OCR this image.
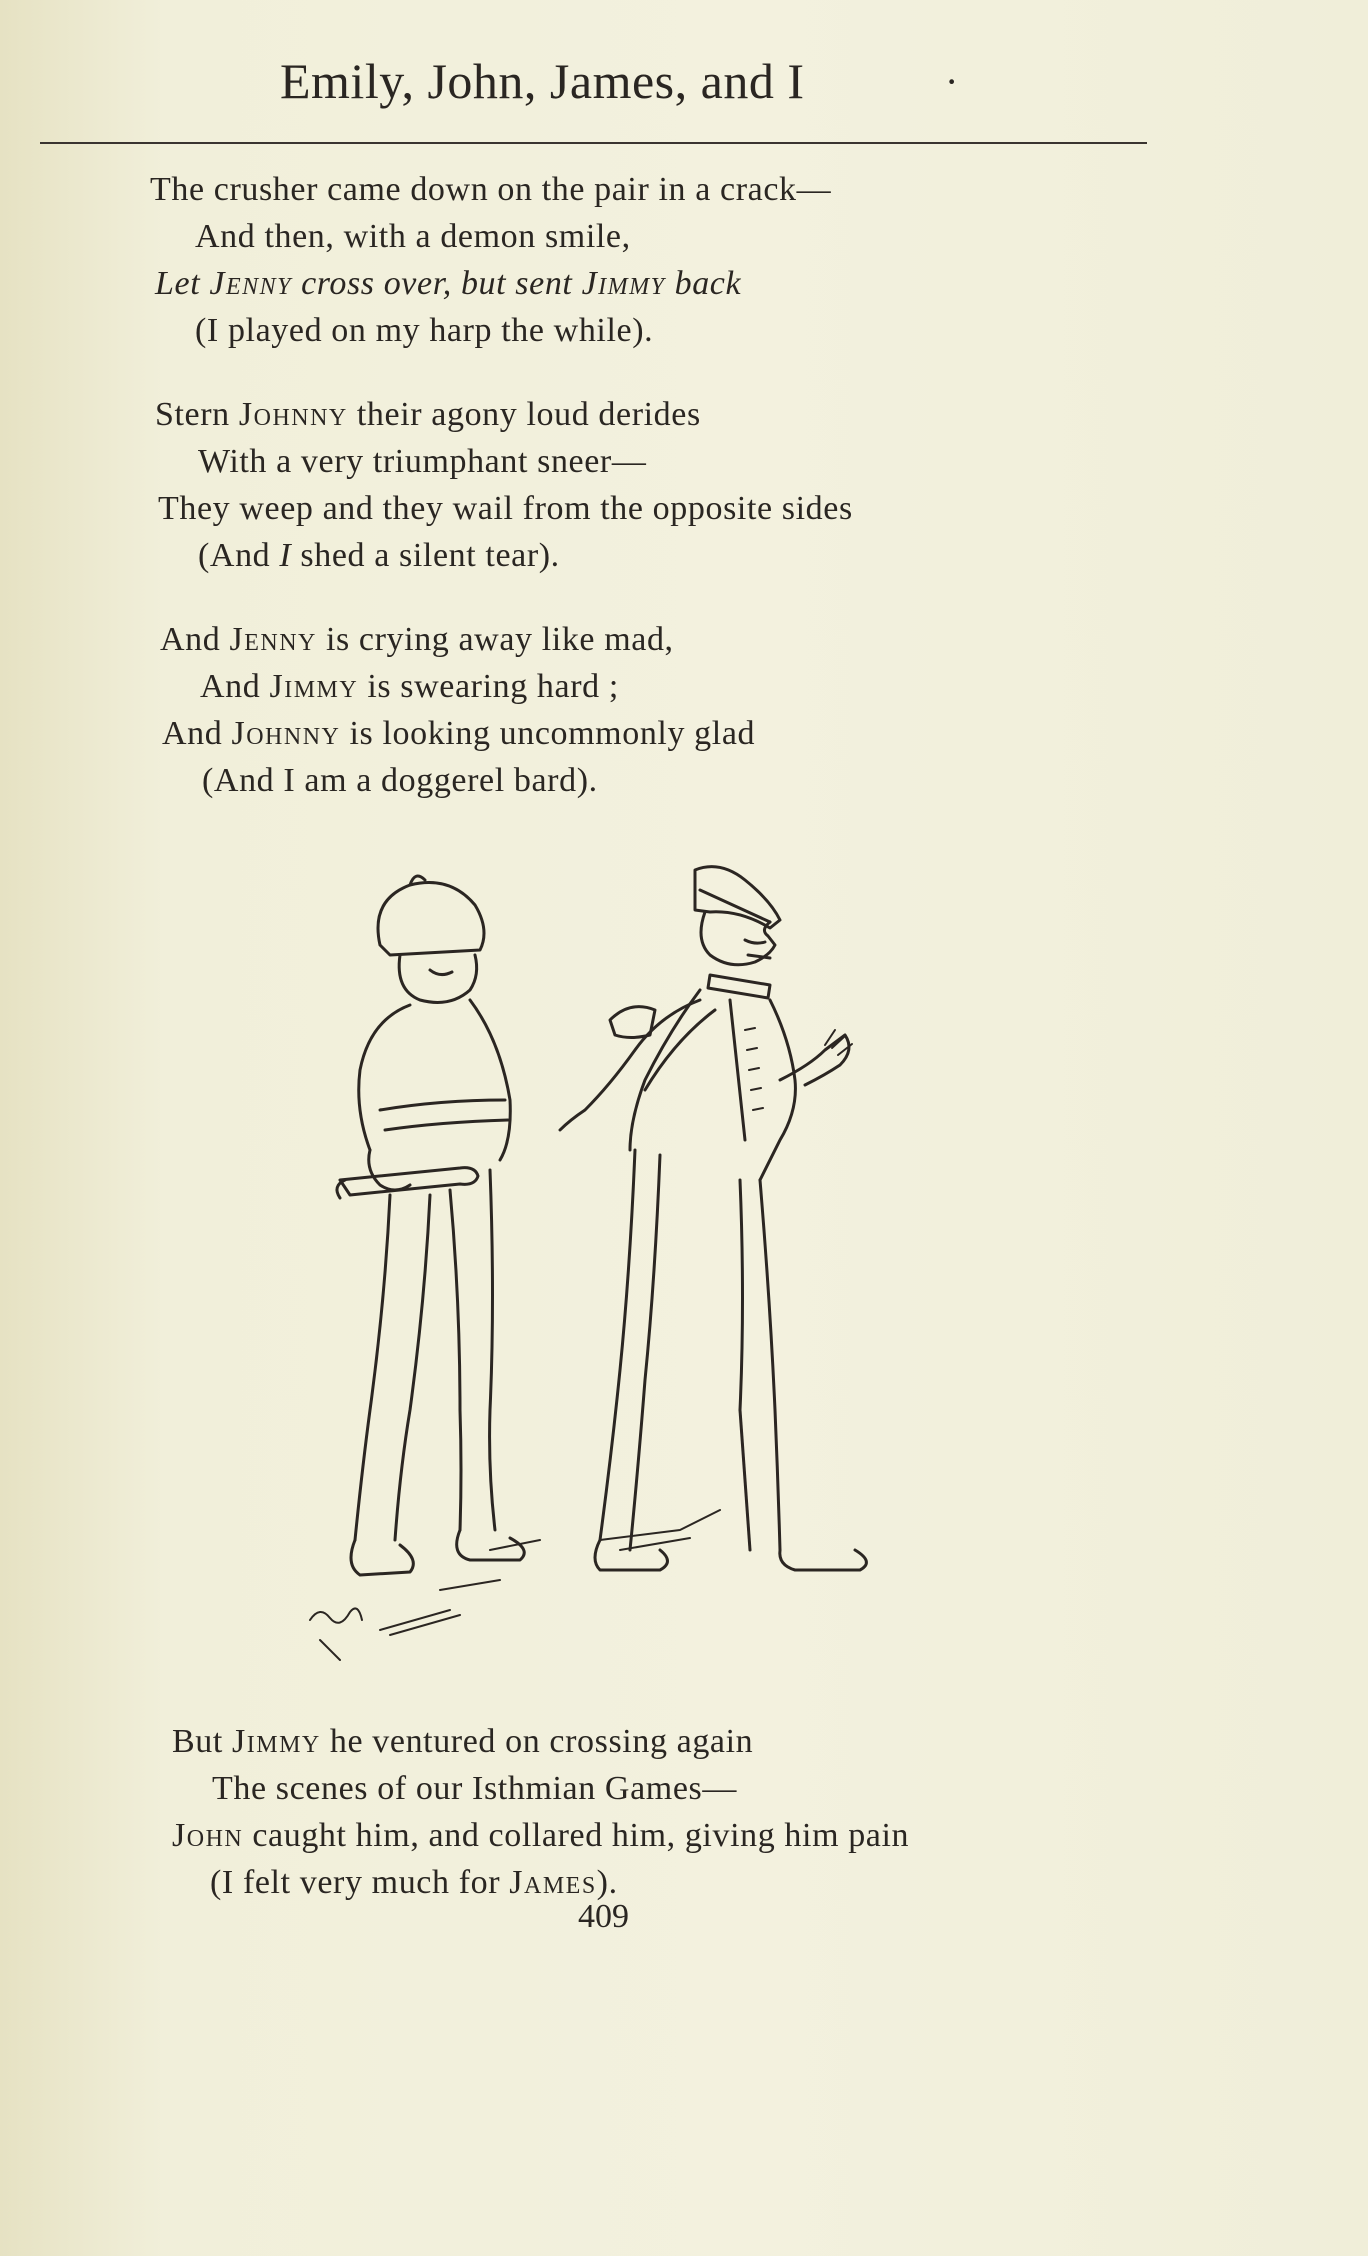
Emily, John, James, and I	·
The crusher came down on the pair in a crack—
And then, with a demon smile,
Let Jenny cross over, but sent Jimmy back
(I played on my harp the while).
Stern Johnny their agony loud derides
With a very triumphant sneer—
They weep and they wail from the opposite sides
(And I shed a silent tear).
And Jenny is crying away like mad,
And Jimmy is swearing hard ;
And Johnny is looking uncommonly glad
(And I am a doggerel bard).
But Jimmy he ventured on crossing again
The scenes of our Isthmian Games—
John caught him, and collared him, giving him pain
(I felt very much for James).
409
